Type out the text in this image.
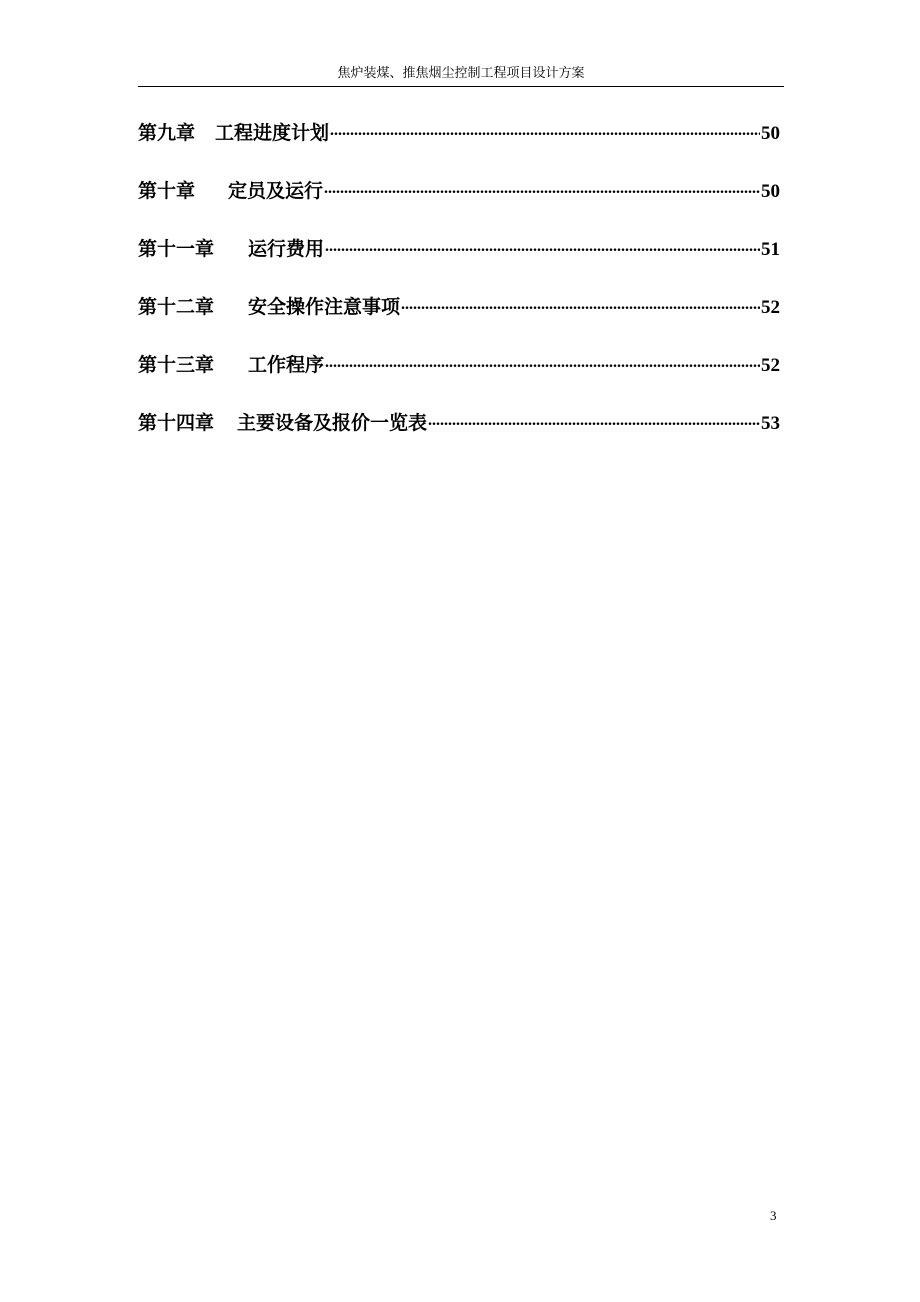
焦炉装煤、推焦烟尘控制工程项目设计方案
第九章 工程进度计划 .....	50
第十章 定员及运行 .....	50
第十一章 运行费用 .....	51
第十二章 安全操作注意事项 .....	52
第十三章 工作程序 .....	52
第十四章 主要设备及报价一览表 .....	53
3
